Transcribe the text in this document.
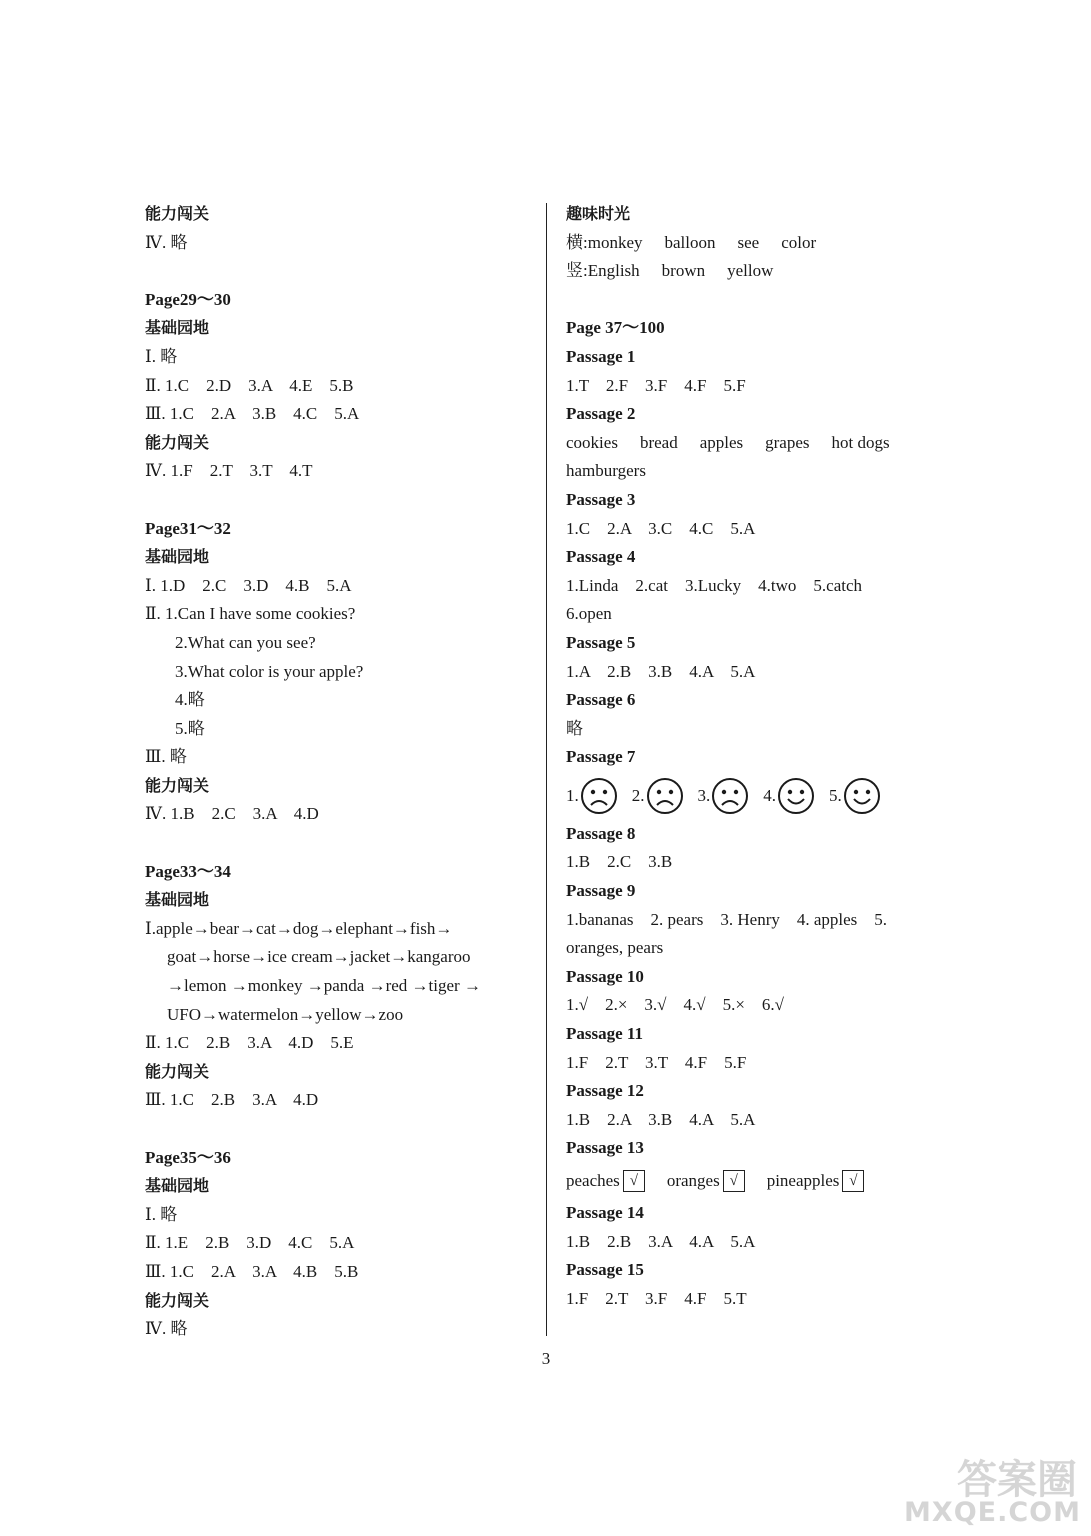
能力闯关
Ⅳ. 略
Page29～30
基础园地
Ⅰ. 略
Ⅱ. 1.C　2.D　3.A　4.E　5.B
Ⅲ. 1.C　2.A　3.B　4.C　5.A
能力闯关
Ⅳ. 1.F　2.T　3.T　4.T
Page31～32
基础园地
Ⅰ. 1.D　2.C　3.D　4.B　5.A
Ⅱ. 1.Can I have some cookies?
2.What can you see?
3.What color is your apple?
4.略
5.略
Ⅲ. 略
能力闯关
Ⅳ. 1.B　2.C　3.A　4.D
Page33～34
基础园地
Ⅰ.apple→bear→cat→dog→elephant→fish→
goat→horse→ice cream→jacket→kangaroo
→lemon →monkey →panda →red →tiger →
UFO→watermelon→yellow→zoo
Ⅱ. 1.C　2.B　3.A　4.D　5.E
能力闯关
Ⅲ. 1.C　2.B　3.A　4.D
Page35～36
基础园地
Ⅰ. 略
Ⅱ. 1.E　2.B　3.D　4.C　5.A
Ⅲ. 1.C　2.A　3.A　4.B　5.B
能力闯关
Ⅳ. 略
趣味时光
横:monkey balloon see color
竖:English brown yellow
Page 37～100
Passage 1
1.T　2.F　3.F　4.F　5.F
Passage 2
cookies bread apples grapes hot dogs
hamburgers
Passage 3
1.C　2.A　3.C　4.C　5.A
Passage 4
1.Linda　2.cat　3.Lucky　4.two　5.catch
6.open
Passage 5
1.A　2.B　3.B　4.A　5.A
Passage 6
略
Passage 7
1.	2.	3.	4.	5.
Passage 8
1.B　2.C　3.B
Passage 9
1.bananas　2. pears　3. Henry　4. apples　5.
oranges, pears
Passage 10
1.√　2.×　3.√　4.√　5.×　6.√
Passage 11
1.F　2.T　3.T　4.F　5.F
Passage 12
1.B　2.A　3.B　4.A　5.A
Passage 13
peaches √	oranges √	pineapples √
Passage 14
1.B　2.B　3.A　4.A　5.A
Passage 15
1.F　2.T　3.F　4.F　5.T
3
答案圈
MXQE.COM
